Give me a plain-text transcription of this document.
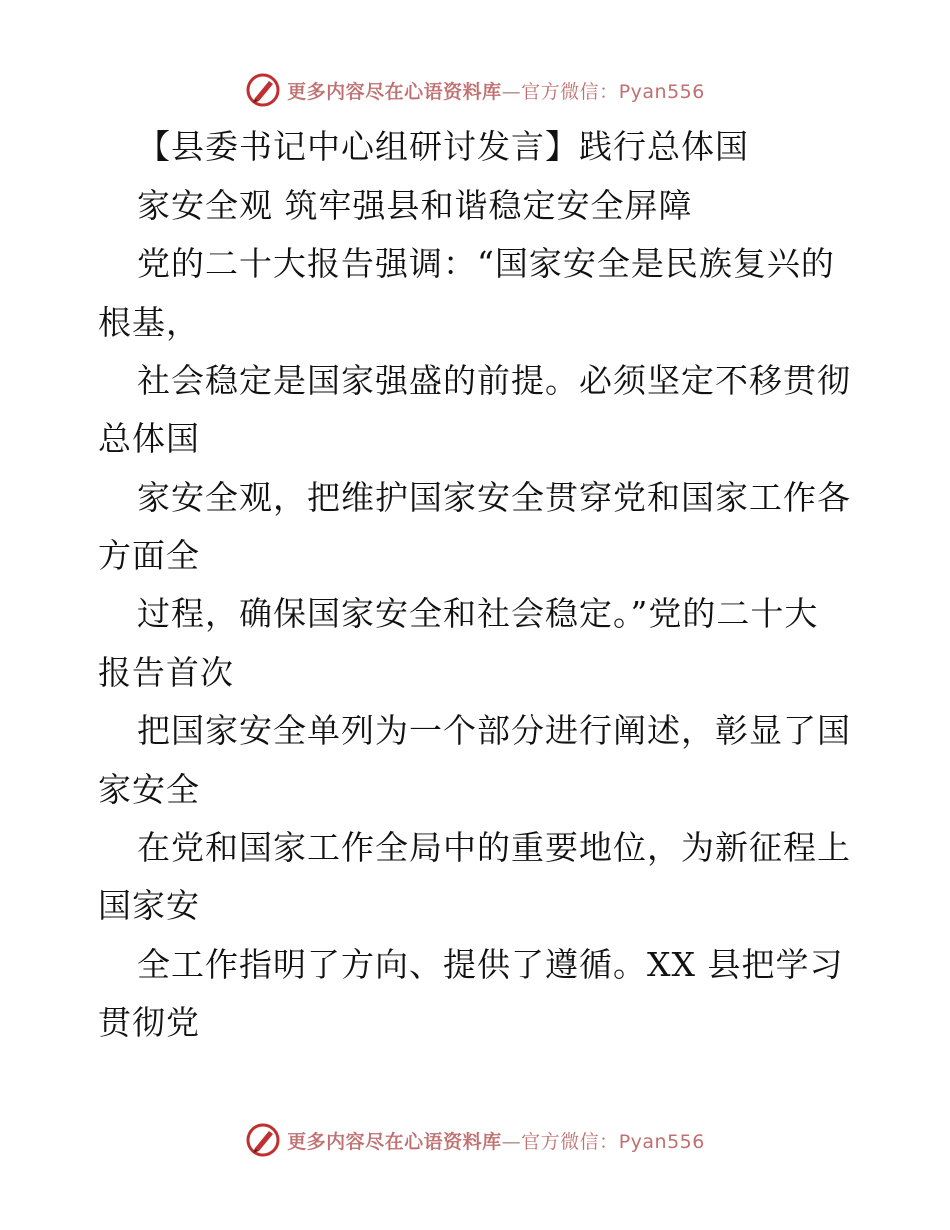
更多内容尽在心语资料库—官方微信：Pyan556
【县委书记中心组研讨发言】践行总体国
家安全观 筑牢强县和谐稳定安全屏障
党的二十大报告强调：“国家安全是民族复兴的
根基，
社会稳定是国家强盛的前提。必须坚定不移贯彻
总体国
家安全观，把维护国家安全贯穿党和国家工作各
方面全
过程，确保国家安全和社会稳定。”党的二十大
报告首次
把国家安全单列为一个部分进行阐述，彰显了国
家安全
在党和国家工作全局中的重要地位，为新征程上
国家安
全工作指明了方向、提供了遵循。XX 县把学习
贯彻党
更多内容尽在心语资料库—官方微信：Pyan556
